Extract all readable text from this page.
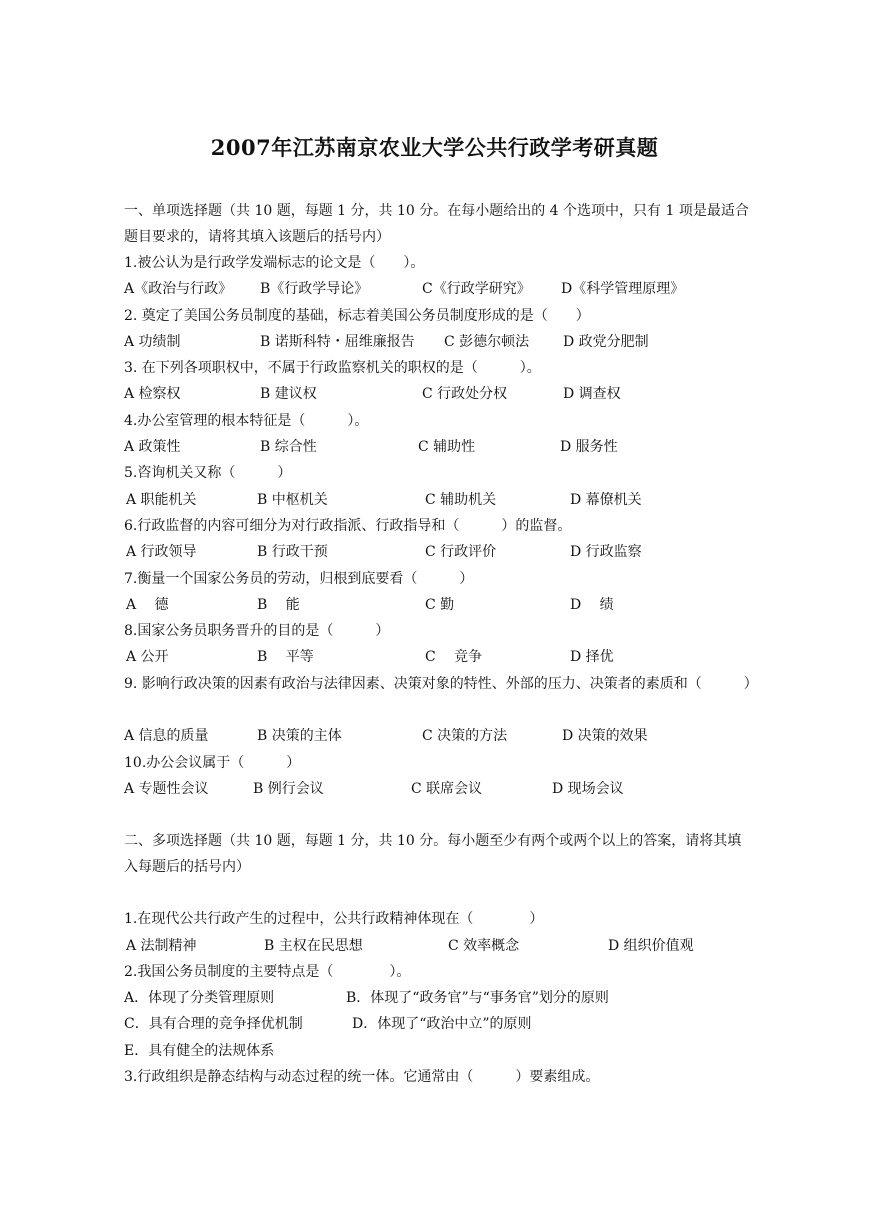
2007年江苏南京农业大学公共行政学考研真题

一、单项选择题（共 10 题，每题 1 分，共 10 分。在每小题给出的 4 个选项中，只有 1 项是最适合题目要求的，请将其填入该题后的括号内）

1.被公认为是行政学发端标志的论文是（　　）。
A《政治与行政》 B《行政学导论》	C《行政学研究》 D《科学管理原理》
2. 奠定了美国公务员制度的基础，标志着美国公务员制度形成的是（　　）
A 功绩制	B 诺斯科特・屈维廉报告 C 彭德尔顿法 D 政党分肥制
3. 在下列各项职权中，不属于行政监察机关的职权的是（　　　）。
A 检察权	B 建议权	C 行政处分权	D 调查权
4.办公室管理的根本特征是（　　　）。
A 政策性	B 综合性	C 辅助性	D 服务性
5.咨询机关又称（　　　）
A 职能机关	B 中枢机关	C 辅助机关	D 幕僚机关
6.行政监督的内容可细分为对行政指派、行政指导和（　　　）的监督。
A 行政领导	B 行政干预	C 行政评价	D 行政监察
7.衡量一个国家公务员的劳动，归根到底要看（　　　）
A　 德	B　 能	C 勤	D　 绩
8.国家公务员职务晋升的目的是（　　　）
A 公开	B　 平等	C　 竞争	D 择优
9. 影响行政决策的因素有政治与法律因素、决策对象的特性、外部的压力、决策者的素质和（　　　）
A 信息的质量	B 决策的主体	C 决策的方法	D 决策的效果
10.办公会议属于（　　　）
A 专题性会议	B 例行会议	C 联席会议	D 现场会议

二、多项选择题（共 10 题，每题 1 分，共 10 分。每小题至少有两个或两个以上的答案，请将其填入每题后的括号内）

1.在现代公共行政产生的过程中，公共行政精神体现在（　　　　）
A 法制精神	B 主权在民思想	C 效率概念	D 组织价值观
2.我国公务员制度的主要特点是（　　　　）。
A．体现了分类管理原则	B．体现了“政务官”与“事务官”划分的原则
C．具有合理的竞争择优机制	D．体现了“政治中立”的原则
E．具有健全的法规体系
3.行政组织是静态结构与动态过程的统一体。它通常由（　　　）要素组成。
